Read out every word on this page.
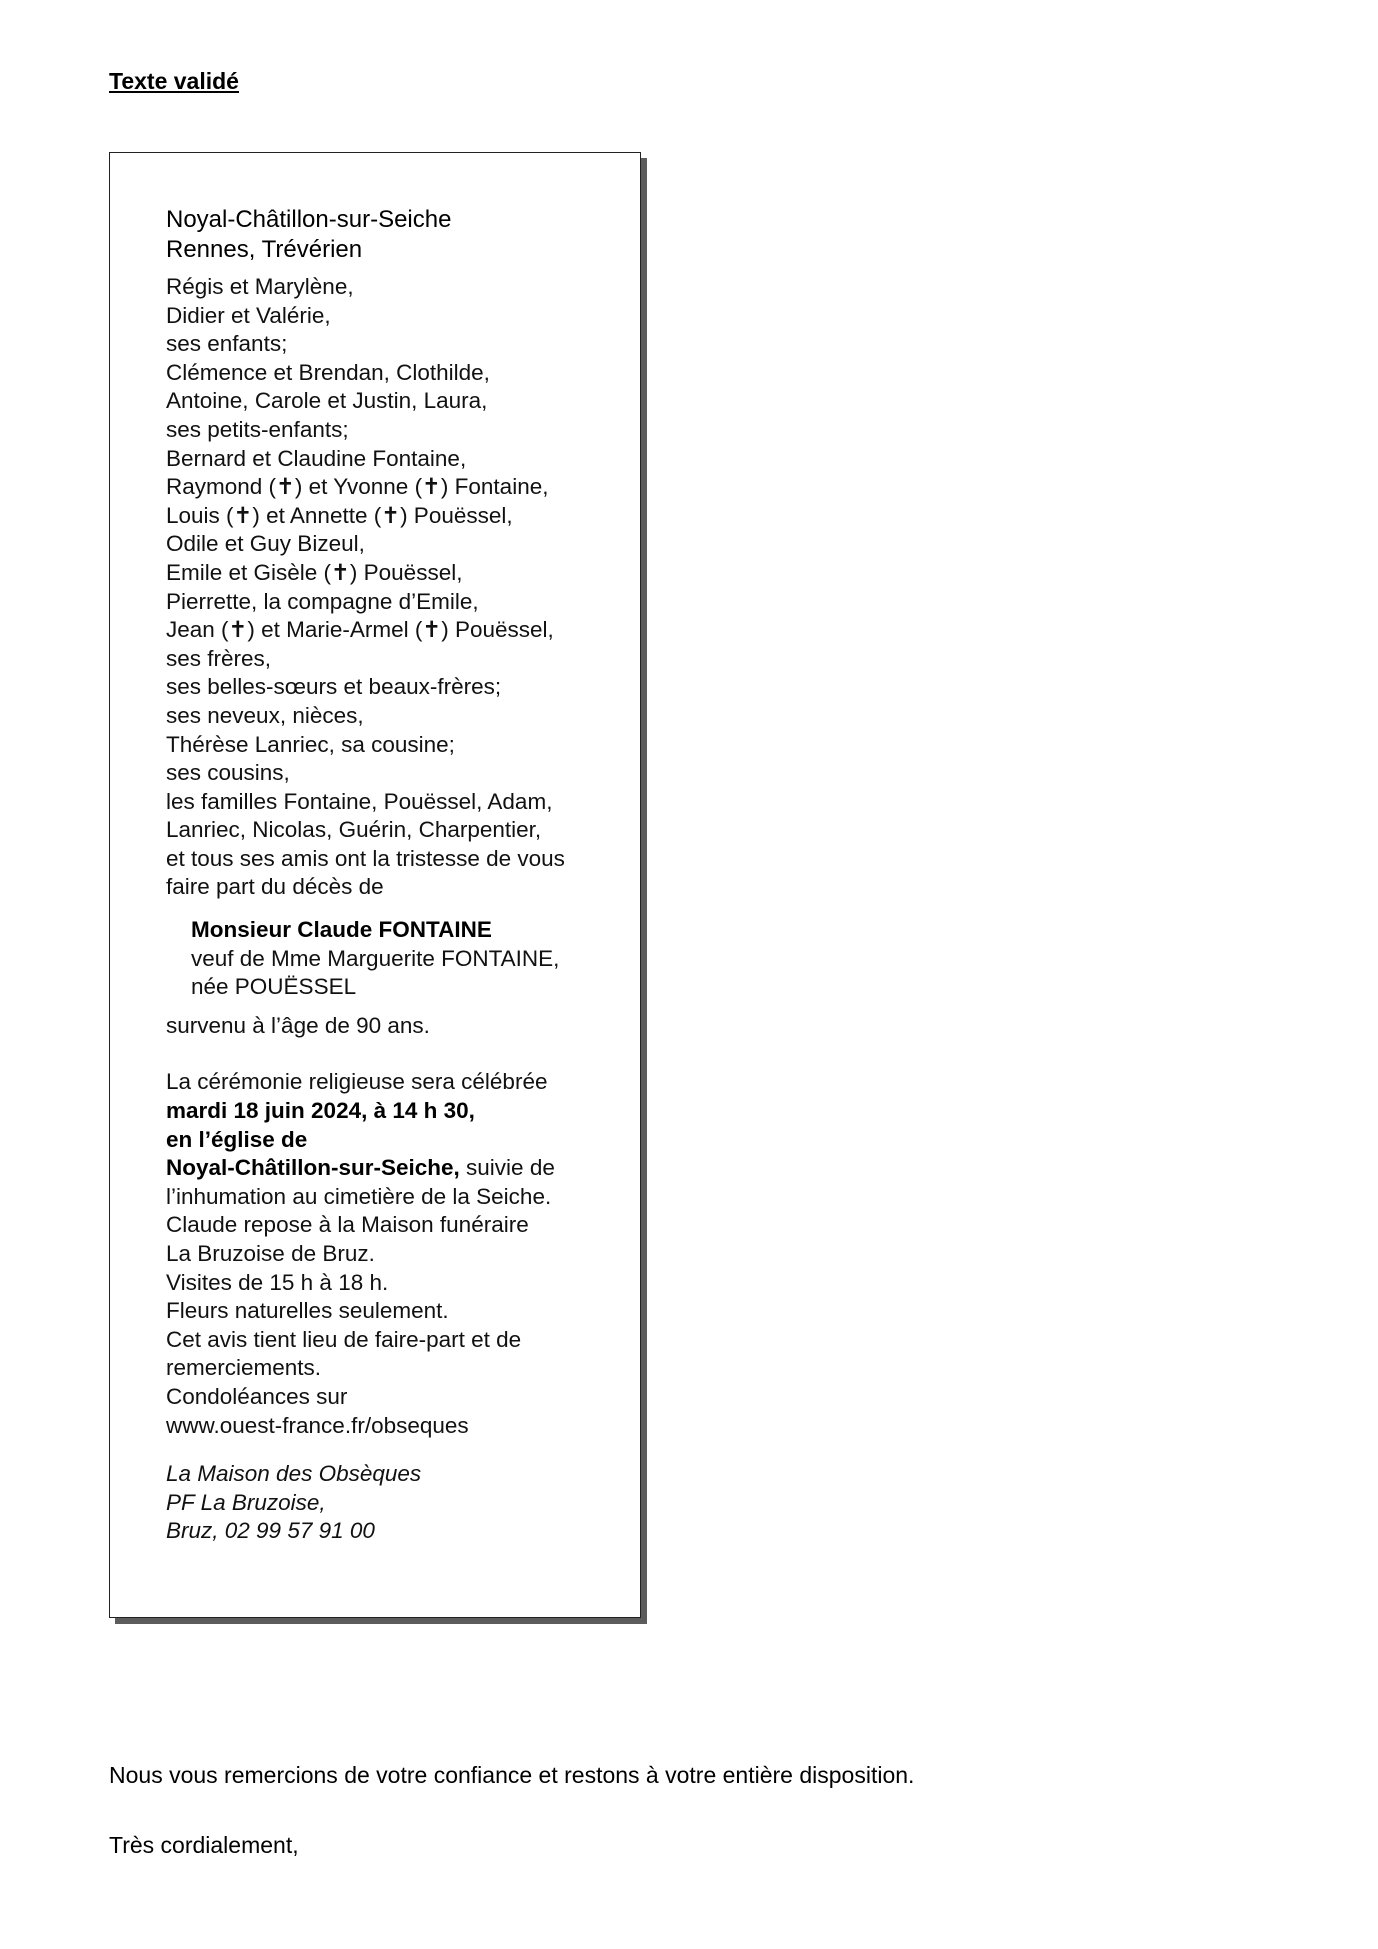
Texte validé

Noyal-Châtillon-sur-Seiche
Rennes, Trévérien
Régis et Marylène,
Didier et Valérie,
ses enfants;
Clémence et Brendan, Clothilde,
Antoine, Carole et Justin, Laura,
ses petits-enfants;
Bernard et Claudine Fontaine,
Raymond (✝) et Yvonne (✝) Fontaine,
Louis (✝) et Annette (✝) Pouëssel,
Odile et Guy Bizeul,
Emile et Gisèle (✝) Pouëssel,
Pierrette, la compagne d’Emile,
Jean (✝) et Marie-Armel (✝) Pouëssel,
ses frères,
ses belles-sœurs et beaux-frères;
ses neveux, nièces,
Thérèse Lanriec, sa cousine;
ses cousins,
les familles Fontaine, Pouëssel, Adam,
Lanriec, Nicolas, Guérin, Charpentier,
et tous ses amis ont la tristesse de vous
faire part du décès de
Monsieur Claude FONTAINE
veuf de Mme Marguerite FONTAINE,
née POUËSSEL
survenu à l’âge de 90 ans.
La cérémonie religieuse sera célébrée
mardi 18 juin 2024, à 14 h 30,
en l’église de
Noyal-Châtillon-sur-Seiche, suivie de
l’inhumation au cimetière de la Seiche.
Claude repose à la Maison funéraire
La Bruzoise de Bruz.
Visites de 15 h à 18 h.
Fleurs naturelles seulement.
Cet avis tient lieu de faire-part et de
remerciements.
Condoléances sur
www.ouest-france.fr/obseques
La Maison des Obsèques
PF La Bruzoise,
Bruz, 02 99 57 91 00

Nous vous remercions de votre confiance et restons à votre entière disposition.

Très cordialement,
